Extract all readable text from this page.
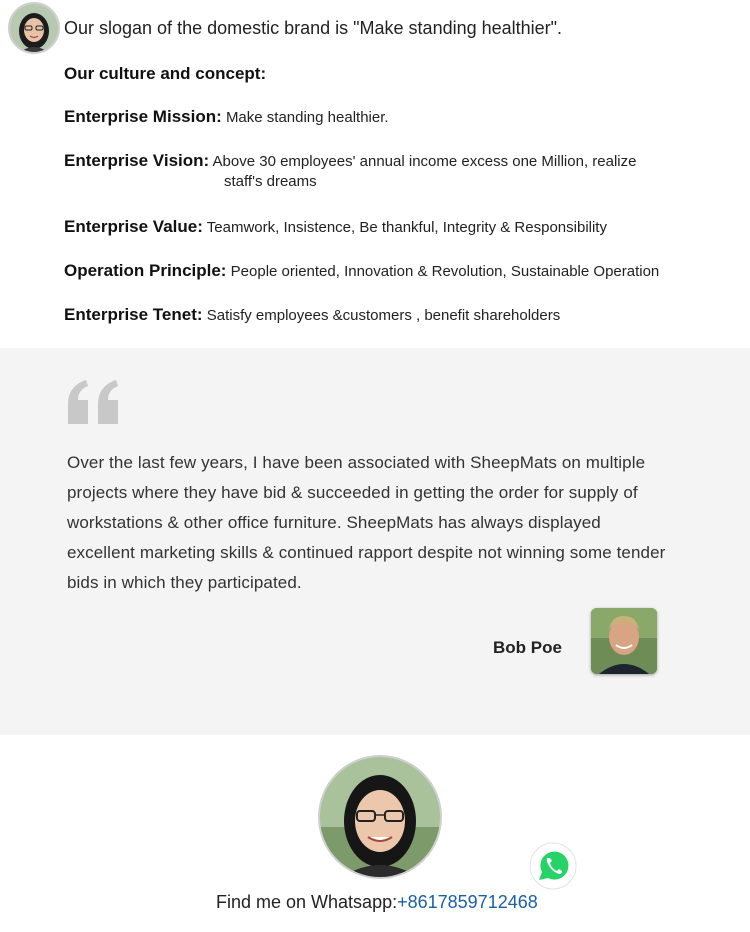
Our slogan of the domestic brand is "Make standing healthier".
Our culture and concept:
Enterprise Mission: Make standing healthier.
Enterprise Vision: Above 30 employees' annual income excess one Million, realize
staff's dreams
Enterprise Value: Teamwork, Insistence, Be thankful, Integrity & Responsibility
Operation Principle: People oriented, Innovation & Revolution, Sustainable Operation
Enterprise Tenet: Satisfy employees &customers , benefit shareholders
Over the last few years, I have been associated with SheepMats on multiple projects where they have bid & succeeded in getting the order for supply of workstations & other office furniture. SheepMats has always displayed excellent marketing skills & continued rapport despite not winning some tender bids in which they participated.
Bob Poe
Find me on Whatsapp:+8617859712468
